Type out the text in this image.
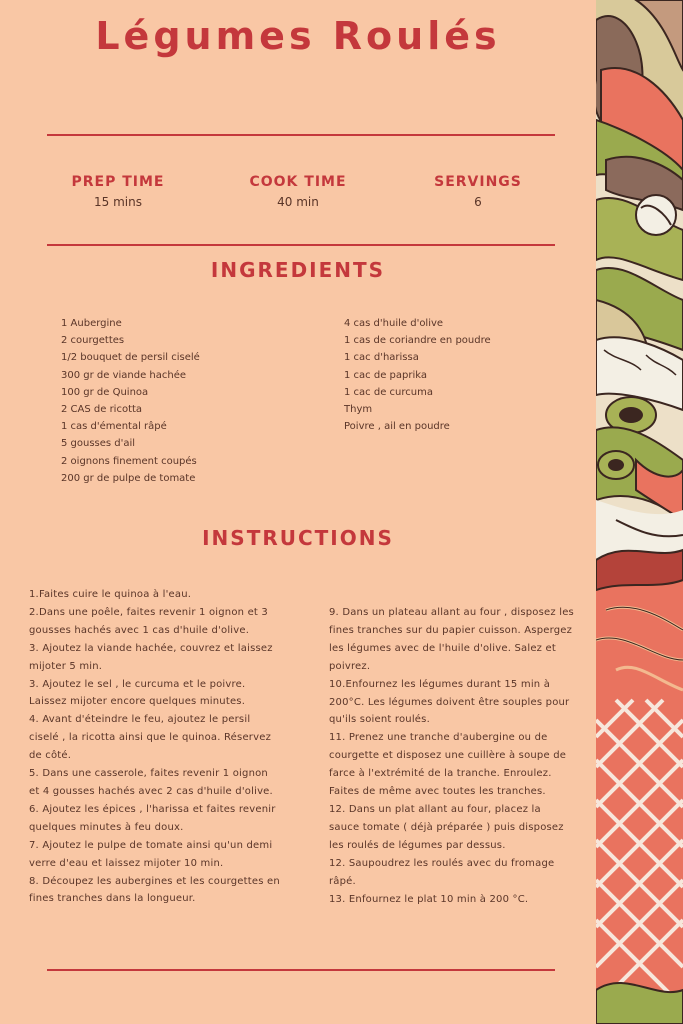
Légumes Roulés
PREP TIME
15 mins
COOK TIME
40 min
SERVINGS
6
INGREDIENTS
1 Aubergine
2 courgettes
1/2 bouquet de persil ciselé
300 gr de viande hachée
100 gr de Quinoa
2 CAS de ricotta
1 cas d'émental râpé
5 gousses d'ail
2 oignons finement coupés
200 gr de pulpe de tomate
4 cas d'huile d'olive
1 cas de coriandre en poudre
1 cac d'harissa
1 cac de paprika
1 cac de curcuma
Thym
Poivre , ail en poudre
INSTRUCTIONS
1.Faites cuire le quinoa à l'eau.
2.Dans une poêle, faites revenir 1 oignon et 3 gousses hachés avec 1 cas d'huile d'olive.
3. Ajoutez la viande hachée, couvrez et laissez mijoter 5 min.
3. Ajoutez le sel , le curcuma et le poivre. Laissez mijoter encore quelques minutes.
4. Avant d'éteindre le feu, ajoutez le persil ciselé , la ricotta ainsi que le quinoa. Réservez de côté.
5. Dans une casserole, faites revenir 1 oignon et 4 gousses hachés avec 2 cas d'huile d'olive.
6. Ajoutez les épices , l'harissa et faites revenir quelques minutes à feu doux.
7. Ajoutez le pulpe de tomate ainsi qu'un demi verre d'eau et laissez mijoter 10 min.
8. Découpez les aubergines et les courgettes en fines tranches dans la longueur.
9. Dans un plateau allant au four , disposez les fines tranches sur du papier cuisson. Aspergez les légumes avec de l'huile d'olive. Salez et poivrez.
10.Enfournez les légumes durant 15 min à 200°C. Les légumes doivent être souples pour qu'ils soient roulés.
11. Prenez une tranche d'aubergine ou de courgette et disposez une cuillère à soupe de farce à l'extrémité de la tranche. Enroulez. Faites de même avec toutes les tranches.
12. Dans un plat allant au four, placez la sauce tomate ( déjà préparée ) puis disposez les roulés de légumes par dessus.
12. Saupoudrez les roulés avec du fromage râpé.
13. Enfournez le plat 10 min à 200 °C.
